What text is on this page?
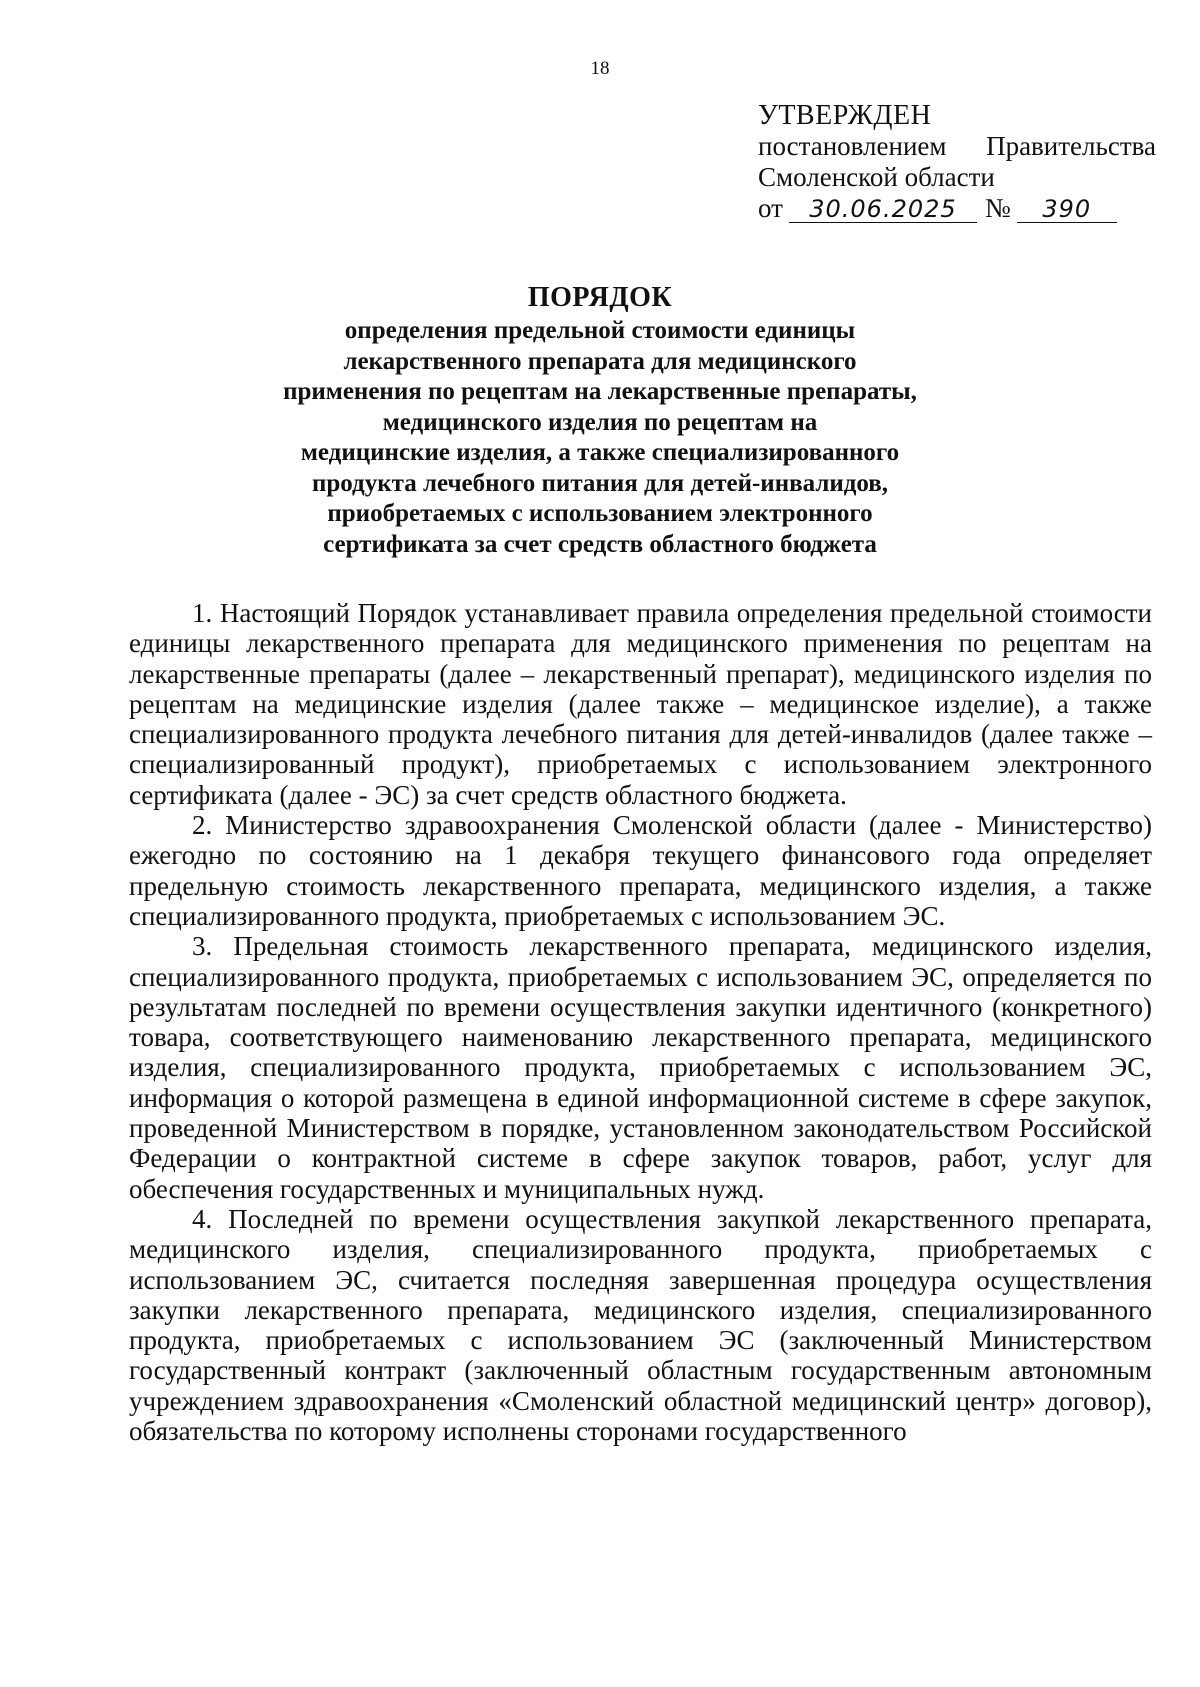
18
УТВЕРЖДЕН
постановлением Правительства
Смоленской области
от	30.06.2025	№	390
ПОРЯДОК
определения предельной стоимости единицы
лекарственного препарата для медицинского
применения по рецептам на лекарственные препараты,
медицинского изделия по рецептам на
медицинские изделия, а также специализированного
продукта лечебного питания для детей-инвалидов,
приобретаемых с использованием электронного
сертификата за счет средств областного бюджета

1. Настоящий Порядок устанавливает правила определения предельной стоимости единицы лекарственного препарата для медицинского применения по рецептам на лекарственные препараты (далее – лекарственный препарат), медицинского изделия по рецептам на медицинские изделия (далее также – медицинское изделие), а также специализированного продукта лечебного питания для детей-инвалидов (далее также – специализированный продукт), приобретаемых с использованием электронного сертификата (далее - ЭС) за счет средств областного бюджета.

2. Министерство здравоохранения Смоленской области (далее - Министерство) ежегодно по состоянию на 1 декабря текущего финансового года определяет предельную стоимость лекарственного препарата, медицинского изделия, а также специализированного продукта, приобретаемых с использованием ЭС.

3. Предельная стоимость лекарственного препарата, медицинского изделия, специализированного продукта, приобретаемых с использованием ЭС, определяется по результатам последней по времени осуществления закупки идентичного (конкретного) товара, соответствующего наименованию лекарственного препарата, медицинского изделия, специализированного продукта, приобретаемых с использованием ЭС, информация о которой размещена в единой информационной системе в сфере закупок, проведенной Министерством в порядке, установленном законодательством Российской Федерации о контрактной системе в сфере закупок товаров, работ, услуг для обеспечения государственных и муниципальных нужд.

4. Последней по времени осуществления закупкой лекарственного препарата, медицинского изделия, специализированного продукта, приобретаемых с использованием ЭС, считается последняя завершенная процедура осуществления закупки лекарственного препарата, медицинского изделия, специализированного продукта, приобретаемых с использованием ЭС (заключенный Министерством государственный контракт (заключенный областным государственным автономным учреждением здравоохранения «Смоленский областной медицинский центр» договор), обязательства по которому исполнены сторонами государственного
